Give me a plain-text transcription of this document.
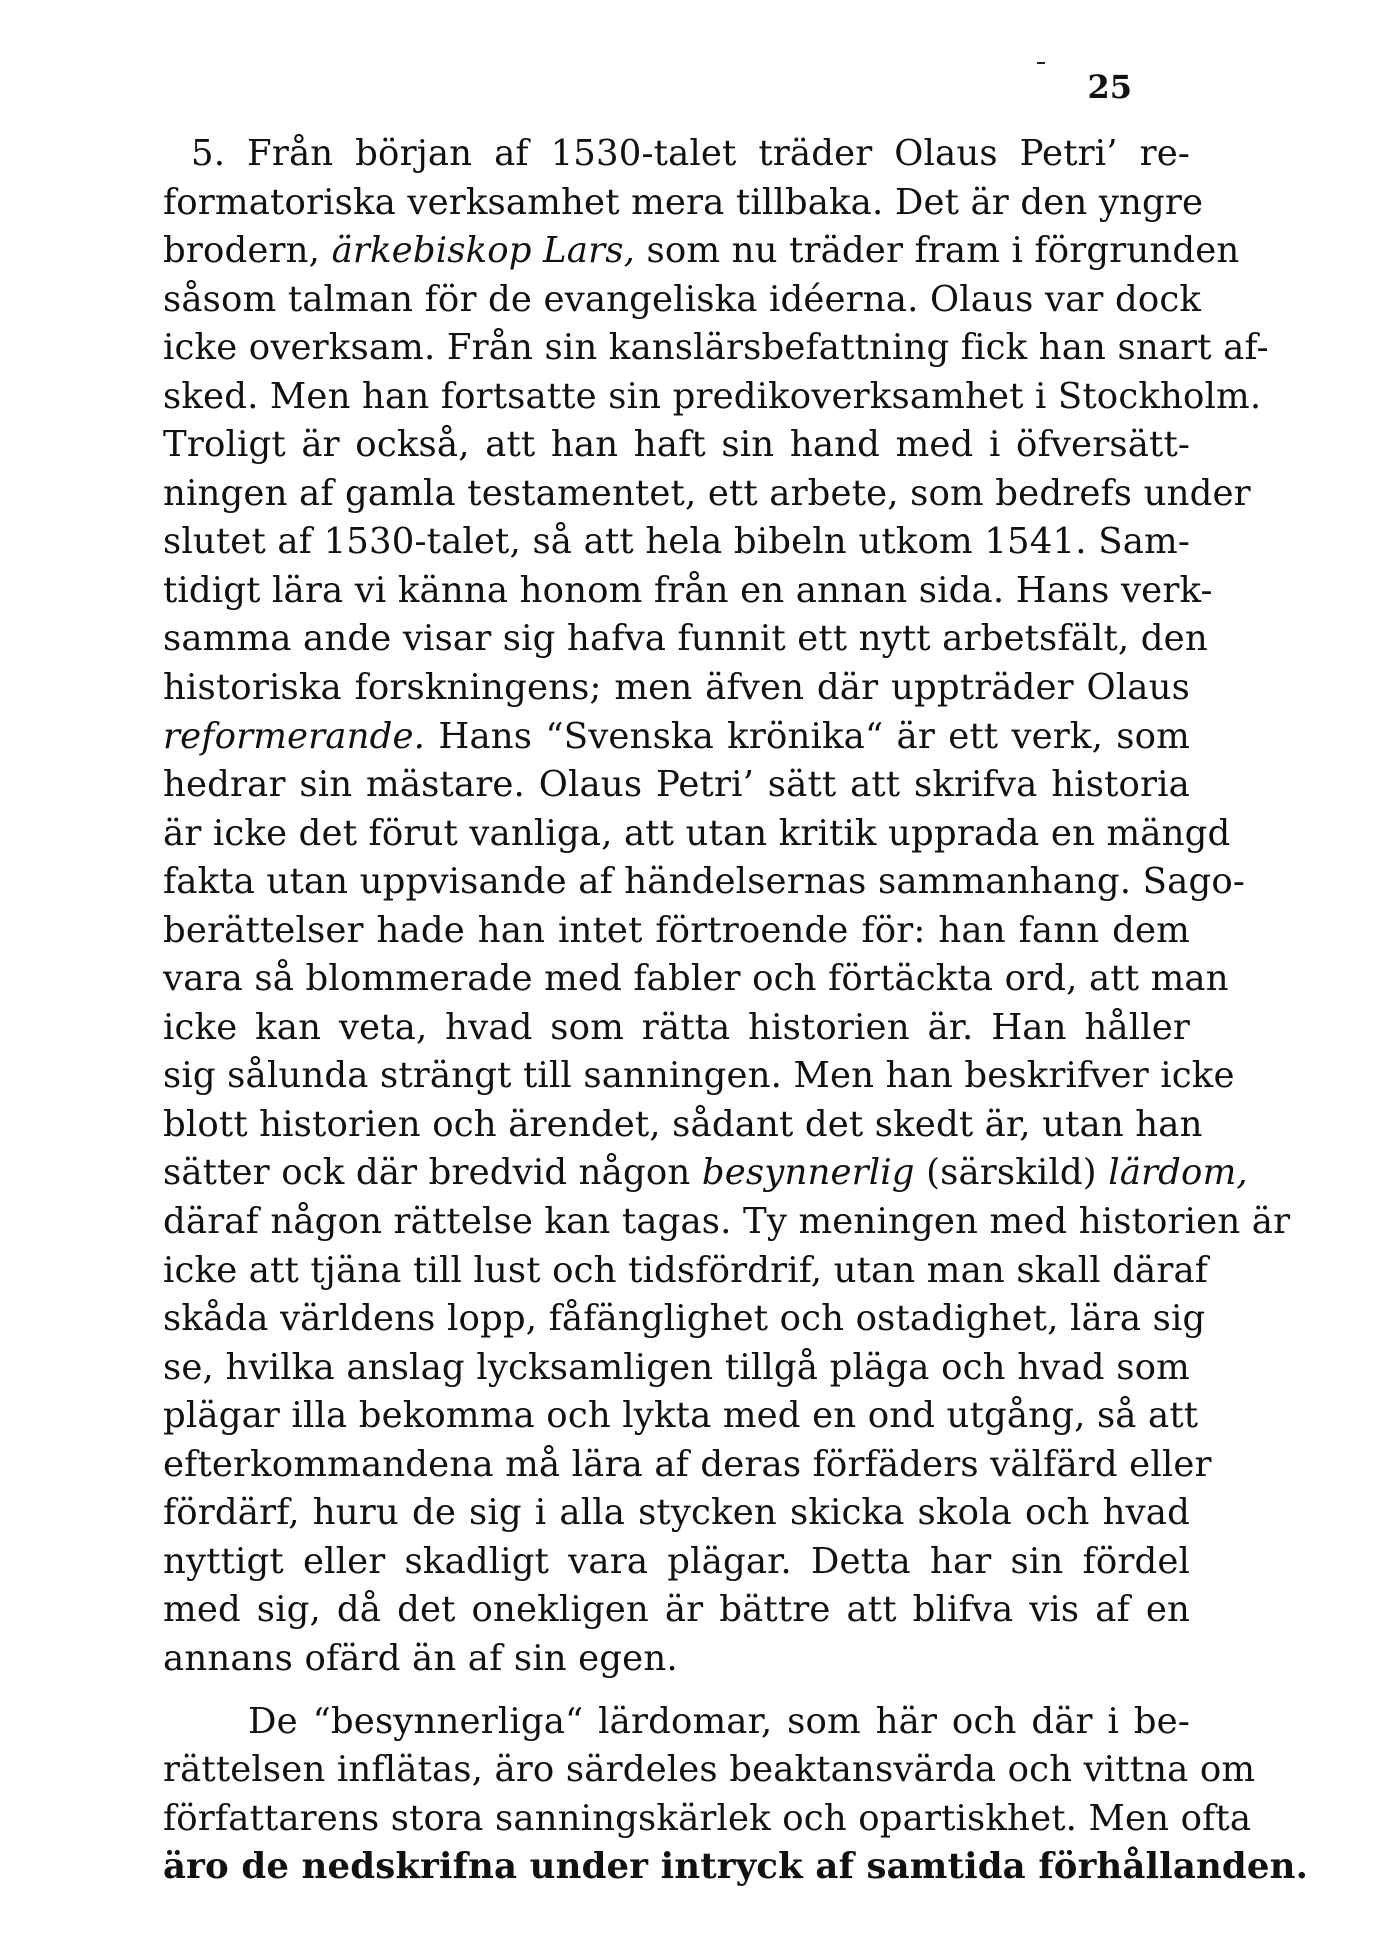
25
5. Från början af 1530-talet träder Olaus Petri’ re-
formatoriska verksamhet mera tillbaka. Det är den yngre
brodern, ärkebiskop Lars, som nu träder fram i förgrunden
såsom talman för de evangeliska idéerna. Olaus var dock
icke overksam. Från sin kanslärsbefattning fick han snart af-
sked. Men han fortsatte sin predikoverksamhet i Stockholm.
Troligt är också, att han haft sin hand med i öfversätt-
ningen af gamla testamentet, ett arbete, som bedrefs under
slutet af 1530-talet, så att hela bibeln utkom 1541. Sam-
tidigt lära vi känna honom från en annan sida. Hans verk-
samma ande visar sig hafva funnit ett nytt arbetsfält, den
historiska forskningens; men äfven där uppträder Olaus
reformerande. Hans “Svenska krönika“ är ett verk, som
hedrar sin mästare. Olaus Petri’ sätt att skrifva historia
är icke det förut vanliga, att utan kritik upprada en mängd
fakta utan uppvisande af händelsernas sammanhang. Sago-
berättelser hade han intet förtroende för: han fann dem
vara så blommerade med fabler och förtäckta ord, att man
icke kan veta, hvad som rätta historien är. Han håller
sig sålunda strängt till sanningen. Men han beskrifver icke
blott historien och ärendet, sådant det skedt är, utan han
sätter ock där bredvid någon besynnerlig (särskild) lärdom,
däraf någon rättelse kan tagas. Ty meningen med historien är
icke att tjäna till lust och tidsfördrif, utan man skall däraf
skåda världens lopp, fåfänglighet och ostadighet, lära sig
se, hvilka anslag lycksamligen tillgå pläga och hvad som
plägar illa bekomma och lykta med en ond utgång, så att
efterkommandena må lära af deras förfäders välfärd eller
fördärf, huru de sig i alla stycken skicka skola och hvad
nyttigt eller skadligt vara plägar. Detta har sin fördel
med sig, då det onekligen är bättre att blifva vis af en
annans ofärd än af sin egen.
De “besynnerliga“ lärdomar, som här och där i be-
rättelsen inflätas, äro särdeles beaktansvärda och vittna om
författarens stora sanningskärlek och opartiskhet. Men ofta
äro de nedskrifna under intryck af samtida förhållanden.
